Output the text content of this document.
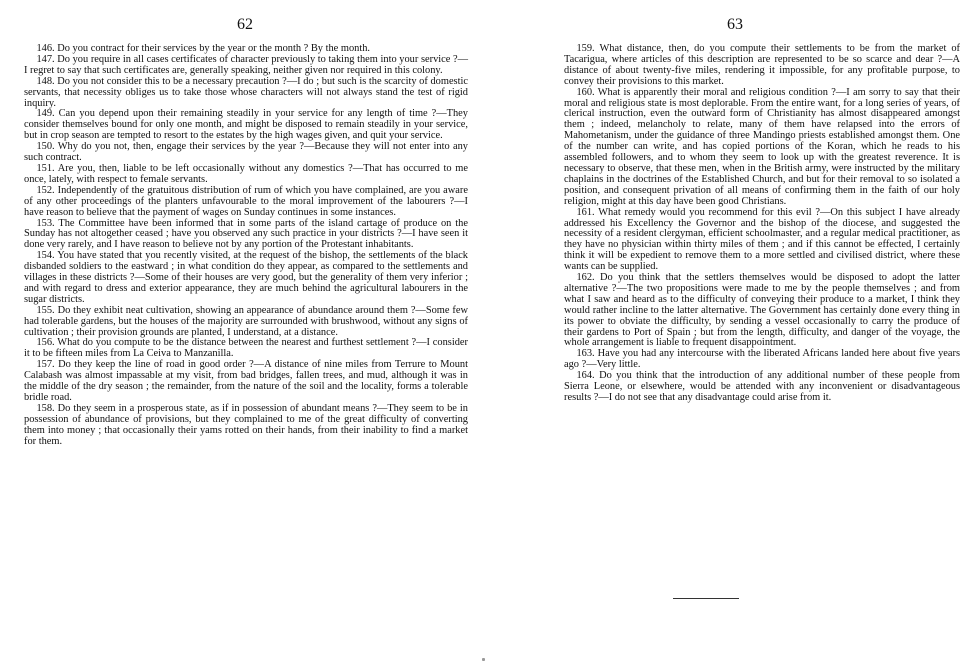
62

146. Do you contract for their services by the year or the month ? By the month.

147. Do you require in all cases certificates of character previously to taking them into your service ?—I regret to say that such certificates are, generally speaking, neither given nor required in this colony.

148. Do you not consider this to be a necessary precaution ?—I do ; but such is the scarcity of domestic servants, that necessity obliges us to take those whose characters will not always stand the test of rigid inquiry.

149. Can you depend upon their remaining steadily in your service for any length of time ?—They consider themselves bound for only one month, and might be disposed to remain steadily in your service, but in crop season are tempted to resort to the estates by the high wages given, and quit your service.

150. Why do you not, then, engage their services by the year ?—Because they will not enter into any such contract.

151. Are you, then, liable to be left occasionally without any domestics ?—That has occurred to me once, lately, with respect to female servants.

152. Independently of the gratuitous distribution of rum of which you have complained, are you aware of any other proceedings of the planters unfavourable to the moral improvement of the labourers ?—I have reason to believe that the payment of wages on Sunday continues in some instances.

153. The Committee have been informed that in some parts of the island cartage of produce on the Sunday has not altogether ceased ; have you observed any such practice in your districts ?—I have seen it done very rarely, and I have reason to believe not by any portion of the Protestant inhabitants.

154. You have stated that you recently visited, at the request of the bishop, the settlements of the black disbanded soldiers to the eastward ; in what condition do they appear, as compared to the settlements and villages in these districts ?—Some of their houses are very good, but the generality of them very inferior ; and with regard to dress and exterior appearance, they are much behind the agricultural labourers in the sugar districts.

155. Do they exhibit neat cultivation, showing an appearance of abundance around them ?—Some few had tolerable gardens, but the houses of the majority are surrounded with brushwood, without any signs of cultivation ; their provision grounds are planted, I understand, at a distance.

156. What do you compute to be the distance between the nearest and furthest settlement ?—I consider it to be fifteen miles from La Ceiva to Manzanilla.

157. Do they keep the line of road in good order ?—A distance of nine miles from Terrure to Mount Calabash was almost impassable at my visit, from bad bridges, fallen trees, and mud, although it was in the middle of the dry season ; the remainder, from the nature of the soil and the locality, forms a tolerable bridle road.

158. Do they seem in a prosperous state, as if in possession of abundant means ?—They seem to be in possession of abundance of provisions, but they complained to me of the great difficulty of converting them into money ; that occasionally their yams rotted on their hands, from their inability to find a market for them.

63

159. What distance, then, do you compute their settlements to be from the market of Tacarigua, where articles of this description are represented to be so scarce and dear ?—A distance of about twenty-five miles, rendering it impossible, for any profitable purpose, to convey their provisions to this market.

160. What is apparently their moral and religious condition ?—I am sorry to say that their moral and religious state is most deplorable. From the entire want, for a long series of years, of clerical instruction, even the outward form of Christianity has almost disappeared amongst them ; indeed, melancholy to relate, many of them have relapsed into the errors of Mahometanism, under the guidance of three Mandingo priests established amongst them. One of the number can write, and has copied portions of the Koran, which he reads to his assembled followers, and to whom they seem to look up with the greatest reverence. It is necessary to observe, that these men, when in the British army, were instructed by the military chaplains in the doctrines of the Established Church, and but for their removal to so isolated a position, and consequent privation of all means of confirming them in the faith of our holy religion, might at this day have been good Christians.

161. What remedy would you recommend for this evil ?—On this subject I have already addressed his Excellency the Governor and the bishop of the diocese, and suggested the necessity of a resident clergyman, efficient schoolmaster, and a regular medical practitioner, as they have no physician within thirty miles of them ; and if this cannot be effected, I certainly think it will be expedient to remove them to a more settled and civilised district, where these wants can be supplied.

162. Do you think that the settlers themselves would be disposed to adopt the latter alternative ?—The two propositions were made to me by the people themselves ; and from what I saw and heard as to the difficulty of conveying their produce to a market, I think they would rather incline to the latter alternative. The Government has certainly done every thing in its power to obviate the difficulty, by sending a vessel occasionally to carry the produce of their gardens to Port of Spain ; but from the length, difficulty, and danger of the voyage, the whole arrangement is liable to frequent disappointment.

163. Have you had any intercourse with the liberated Africans landed here about five years ago ?—Very little.

164. Do you think that the introduction of any additional number of these people from Sierra Leone, or elsewhere, would be attended with any inconvenient or disadvantageous results ?—I do not see that any disadvantage could arise from it.
